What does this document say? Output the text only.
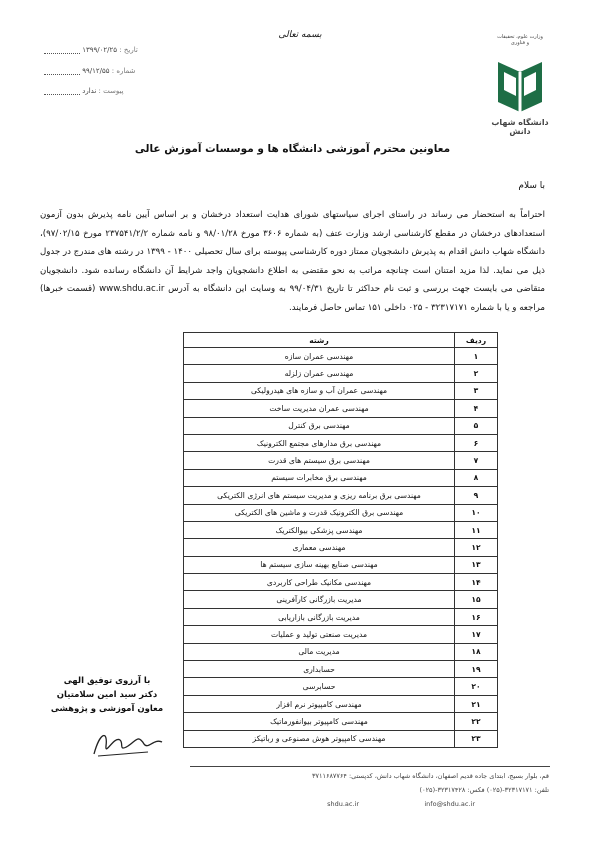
بسمه تعالی
تاریخ : ۱۳۹۹/۰۲/۲۵
شماره : ۹۹/۱۲/۵۵
پیوست : ندارد
وزارت علوم، تحقیقات و فناوری
دانشگاه شهاب دانش
معاونین محترم آموزشی دانشگاه ها و موسسات آموزش عالی
با سلام
احتراماً به استحضار می رساند در راستای اجرای سیاستهای شورای هدایت استعداد درخشان و بر اساس آیین نامه پذیرش بدون آزمون استعدادهای درخشان در مقطع کارشناسی ارشد وزارت عتف (به شماره ۳۶۰۶ مورخ ۹۸/۰۱/۲۸ و نامه شماره ۲۳۷۵۴۱/۲/۲ مورخ ۹۷/۰۲/۱۵)، دانشگاه شهاب دانش اقدام به پذیرش دانشجویان ممتاز دوره کارشناسی پیوسته برای سال تحصیلی ۱۴۰۰ - ۱۳۹۹ در رشته های مندرج در جدول ذیل می نماید. لذا مزید امتنان است چنانچه مراتب به نحو مقتضی به اطلاع دانشجویان واجد شرایط آن دانشگاه رسانده شود. دانشجویان متقاضی می بایست جهت بررسی و ثبت نام حداکثر تا تاریخ ۹۹/۰۴/۳۱ به وسایت این دانشگاه به آدرس www.shdu.ac.ir (قسمت خبرها) مراجعه و یا با شماره ۳۲۳۱۷۱۷۱ - ۰۲۵ داخلی ۱۵۱ تماس حاصل فرمایند.
ردیف	رشته
۱	مهندسی عمران سازه
۲	مهندسی عمران زلزله
۳	مهندسی عمران آب و سازه های هیدرولیکی
۴	مهندسی عمران مدیریت ساخت
۵	مهندسی برق کنترل
۶	مهندسی برق مدارهای مجتمع الکترونیک
۷	مهندسی برق سیستم های قدرت
۸	مهندسی برق مخابرات سیستم
۹	مهندسی برق برنامه ریزی و مدیریت سیستم های انرژی الکتریکی
۱۰	مهندسی برق الکترونیک قدرت و ماشین های الکتریکی
۱۱	مهندسی پزشکی بیوالکتریک
۱۲	مهندسی معماری
۱۳	مهندسی صنایع بهینه سازی سیستم ها
۱۴	مهندسی مکانیک طراحی کاربردی
۱۵	مدیریت بازرگانی کارآفرینی
۱۶	مدیریت بازرگانی بازاریابی
۱۷	مدیریت صنعتی تولید و عملیات
۱۸	مدیریت مالی
۱۹	حسابداری
۲۰	حسابرسی
۲۱	مهندسی کامپیوتر نرم افزار
۲۲	مهندسی کامپیوتر بیوانفورماتیک
۲۳	مهندسی کامپیوتر هوش مصنوعی و رباتیکز
با آرزوی توفیق الهی
دکتر سید امین سلامتیان
معاون آموزشی و پژوهشی
قم، بلوار بسیج، ابتدای جاده قدیم اصفهان، دانشگاه شهاب دانش، کدپستی: ۳۷۱۱۶۸۷۷۶۴
تلفن: ۳۲۳۱۷۱۷۱-(۰۲۵) فکس: ۳۲۳۱۷۴۲۸-(۰۲۵)
shdu.ac.ir	info@shdu.ac.ir
